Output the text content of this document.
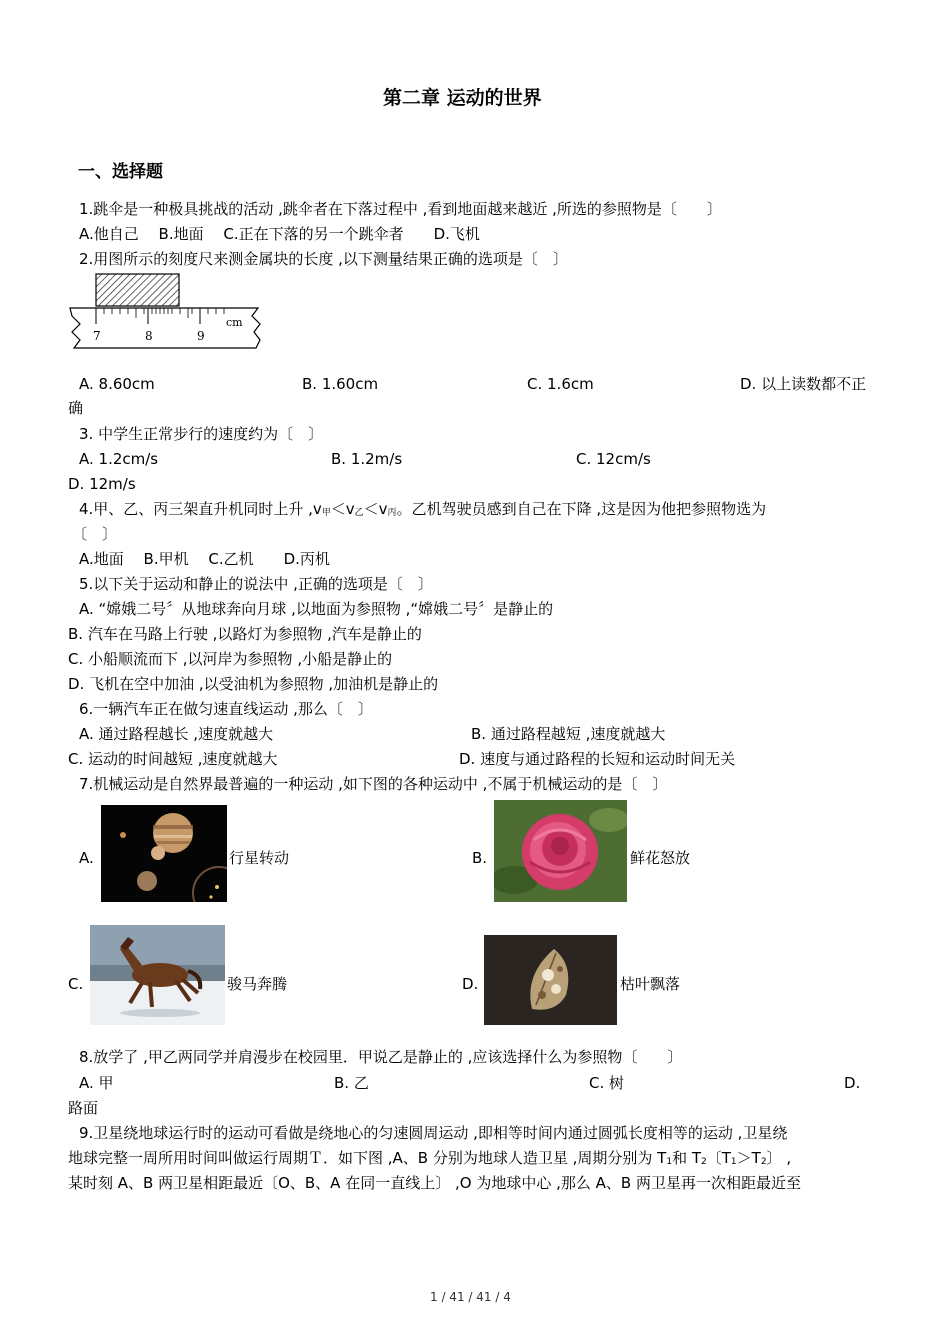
第二章 运动的世界
一、选择题
1.跳伞是一种极具挑战的活动 ,跳伞者在下落过程中 ,看到地面越来越近 ,所选的参照物是〔　　〕
A.他自己　 B.地面　 C.正在下落的另一个跳伞者　　D.飞机
2.用图所示的刻度尺来测金属块的长度 ,以下测量结果正确的选项是〔　〕
cm
7	8	9
A. 8.60cm	B. 1.60cm	C. 1.6cm	D. 以上读数都不正
确
3. 中学生正常步行的速度约为〔　〕
A. 1.2cm/s	B. 1.2m/s	C. 12cm/s
D. 12m/s
4.甲、乙、丙三架直升机同时上升 $,v_甲<v_乙<v_丙$。乙机驾驶员感到自己在下降 ,这是因为他把参照物选为
〔　〕
A.地面　 B.甲机　 C.乙机　　D.丙机
5.以下关于运动和静止的说法中 ,正确的选项是〔　〕
A. “嫦娥二号〞从地球奔向月球 ,以地面为参照物 ,“嫦娥二号〞是静止的
B. 汽车在马路上行驶 ,以路灯为参照物 ,汽车是静止的
C. 小船顺流而下 ,以河岸为参照物 ,小船是静止的
D. 飞机在空中加油 ,以受油机为参照物 ,加油机是静止的
6.一辆汽车正在做匀速直线运动 ,那么〔　〕
A. 通过路程越长 ,速度就越大	B. 通过路程越短 ,速度就越大
C. 运动的时间越短 ,速度就越大	D. 速度与通过路程的长短和运动时间无关
7.机械运动是自然界最普遍的一种运动 ,如下图的各种运动中 ,不属于机械运动的是〔　〕
A.	行星转动	B.	鲜花怒放
C.	骏马奔腾	D.	枯叶飘落
8.放学了 ,甲乙两同学并肩漫步在校园里．甲说乙是静止的 ,应该选择什么为参照物〔　　〕
A. 甲	B. 乙	C. 树	D.
路面
9.卫星绕地球运行时的运动可看做是绕地心的匀速圆周运动 ,即相等时间内通过圆弧长度相等的运动 ,卫星绕
地球完整一周所用时间叫做运行周期Ｔ．如下图 ,A、B 分别为地球人造卫星 ,周期分别为 $T_1$和 $T_2$〔$T_1>T_2$〕 ,
某时刻 A、B 两卫星相距最近〔O、B、A 在同一直线上〕 ,O 为地球中心 ,那么 A、B 两卫星再一次相距最近至
1 / 41 / 41 / 4
